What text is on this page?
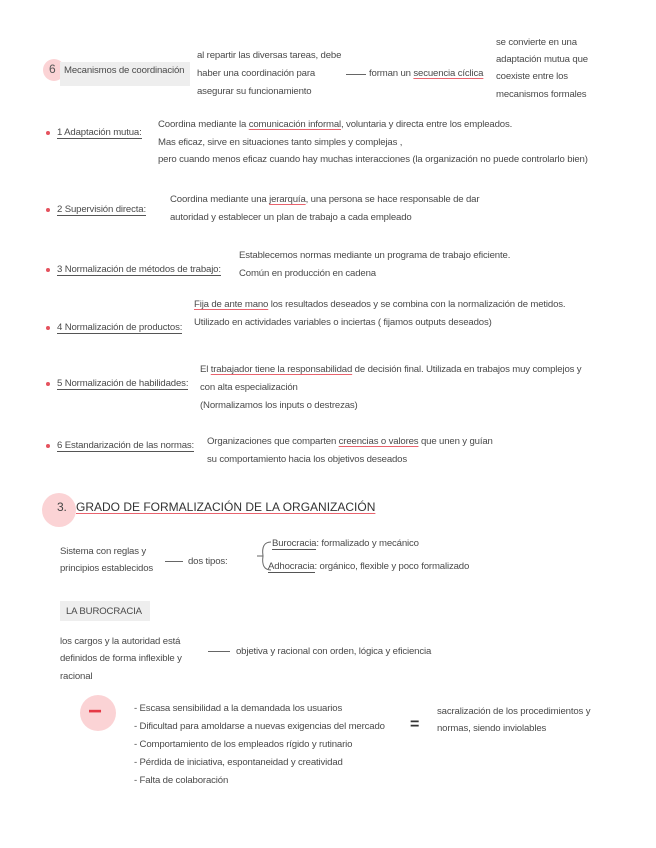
6 Mecanismos de coordinación
al repartir las diversas tareas, debe
haber una coordinación para
asegurar su funcionamiento
forman un secuencia cíclica
se convierte en una
adaptación mutua que
coexiste entre los
mecanismos formales
1 Adaptación mutua:
Coordina mediante la comunicación informal, voluntaria y directa entre los empleados.
Mas eficaz, sirve en situaciones tanto simples y complejas ,
pero cuando menos eficaz cuando hay muchas interacciones (la organización no puede controlarlo bien)
2 Supervisión directa:
Coordina mediante una jerarquía, una persona se hace responsable de dar
autoridad y establecer un plan de trabajo a cada empleado
3 Normalización de métodos de trabajo:
Establecemos normas mediante un programa de trabajo eficiente.
Común en producción en cadena
4 Normalización de productos:
Fija de ante mano los resultados deseados y se combina con la normalización de metidos.
Utilizado en actividades variables o inciertas ( fijamos outputs deseados)
5 Normalización de habilidades:
El trabajador tiene la responsabilidad de decisión final. Utilizada en trabajos muy complejos y
con alta especialización
(Normalizamos los inputs o destrezas)
6 Estandarización de las normas: Organizaciones que comparten creencias o valores que unen y guían
su comportamiento hacia los objetivos deseados
3. GRADO DE FORMALIZACIÓN DE LA ORGANIZACIÓN
Sistema con reglas y
principios establecidos
dos tipos:
Burocracia: formalizado y mecánico
Adhocracia: orgánico, flexible y poco formalizado
LA BUROCRACIA
los cargos y la autoridad está
definidos de forma inflexible y
racional
objetiva y racional con orden, lógica y eficiencia
−	- Escasa sensibilidad a la demandada los usuarios
- Dificultad para amoldarse a nuevas exigencias del mercado
- Comportamiento de los empleados rígido y rutinario
- Pérdida de iniciativa, espontaneidad y creatividad
- Falta de colaboración
=
sacralización de los procedimientos y
normas, siendo inviolables
